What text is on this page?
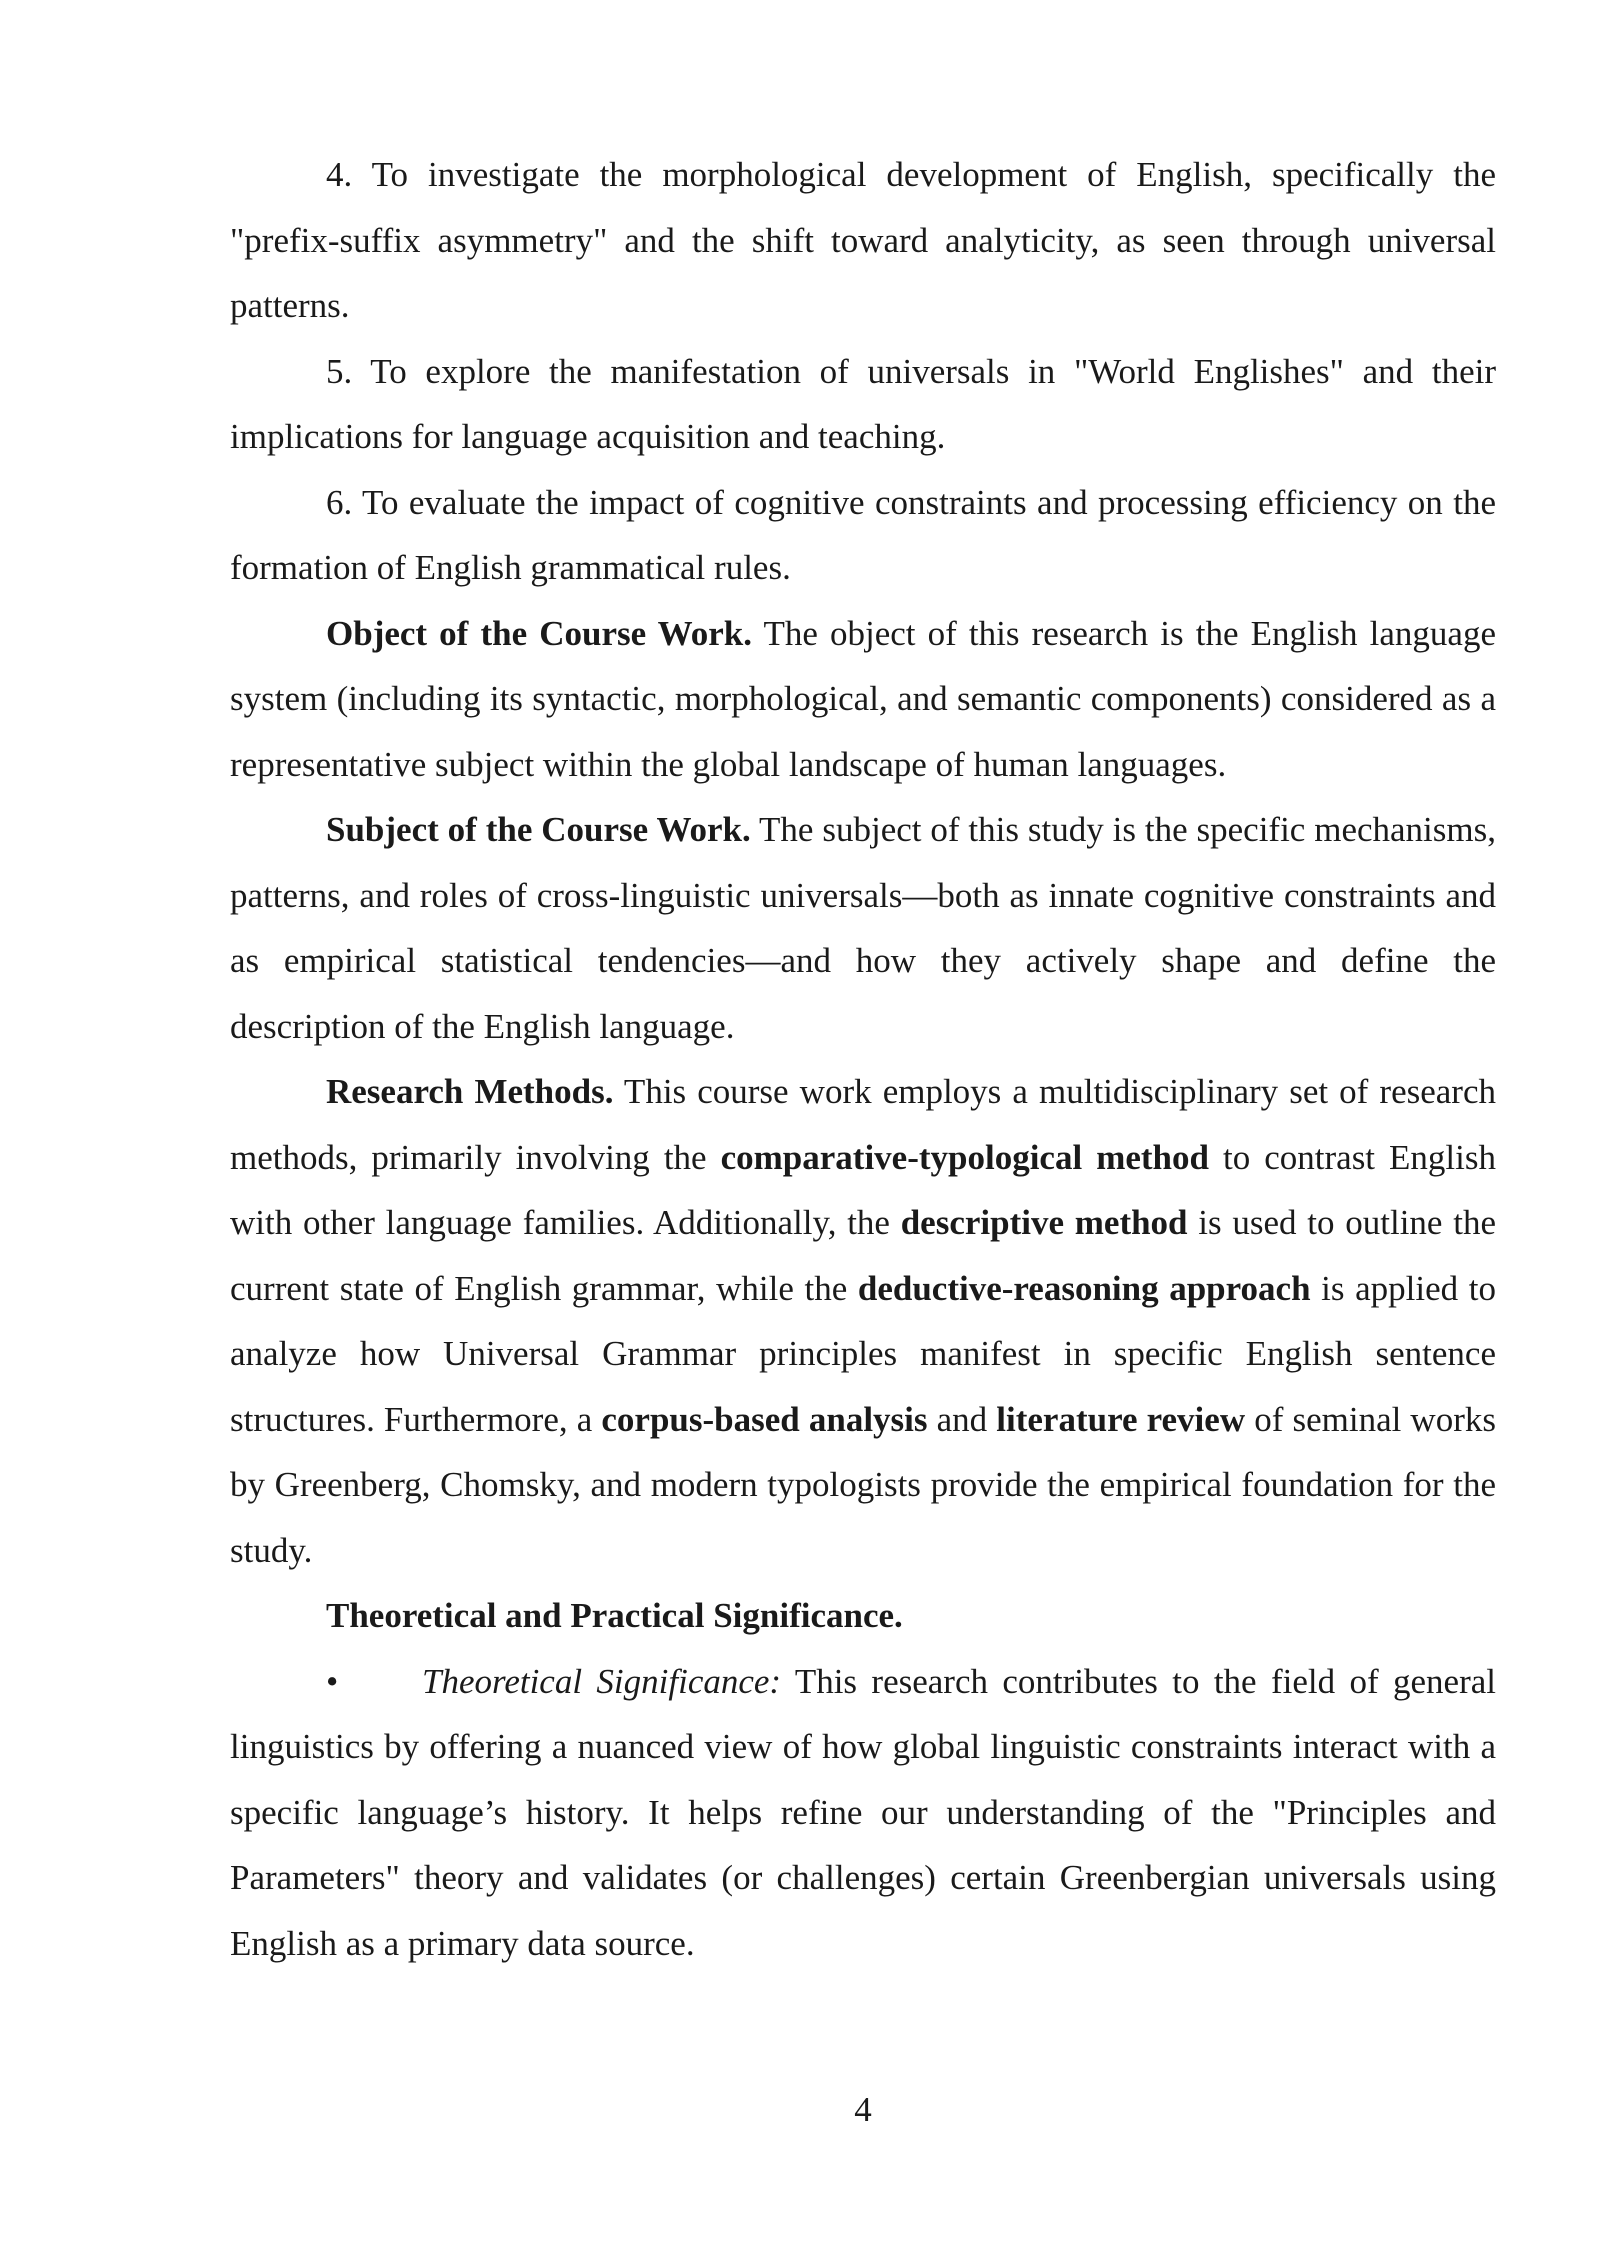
4. To investigate the morphological development of English, specifically the "prefix-suffix asymmetry" and the shift toward analyticity, as seen through universal patterns.

5. To explore the manifestation of universals in "World Englishes" and their implications for language acquisition and teaching.

6. To evaluate the impact of cognitive constraints and processing efficiency on the formation of English grammatical rules.

Object of the Course Work. The object of this research is the English language system (including its syntactic, morphological, and semantic components) considered as a representative subject within the global landscape of human languages.

Subject of the Course Work. The subject of this study is the specific mechanisms, patterns, and roles of cross-linguistic universals—both as innate cognitive constraints and as empirical statistical tendencies—and how they actively shape and define the description of the English language.

Research Methods. This course work employs a multidisciplinary set of research methods, primarily involving the comparative-typological method to contrast English with other language families. Additionally, the descriptive method is used to outline the current state of English grammar, while the deductive-reasoning approach is applied to analyze how Universal Grammar principles manifest in specific English sentence structures. Furthermore, a corpus-based analysis and literature review of seminal works by Greenberg, Chomsky, and modern typologists provide the empirical foundation for the study.

Theoretical and Practical Significance.

• Theoretical Significance: This research contributes to the field of general linguistics by offering a nuanced view of how global linguistic constraints interact with a specific language’s history. It helps refine our understanding of the "Principles and Parameters" theory and validates (or challenges) certain Greenbergian universals using English as a primary data source.

4
